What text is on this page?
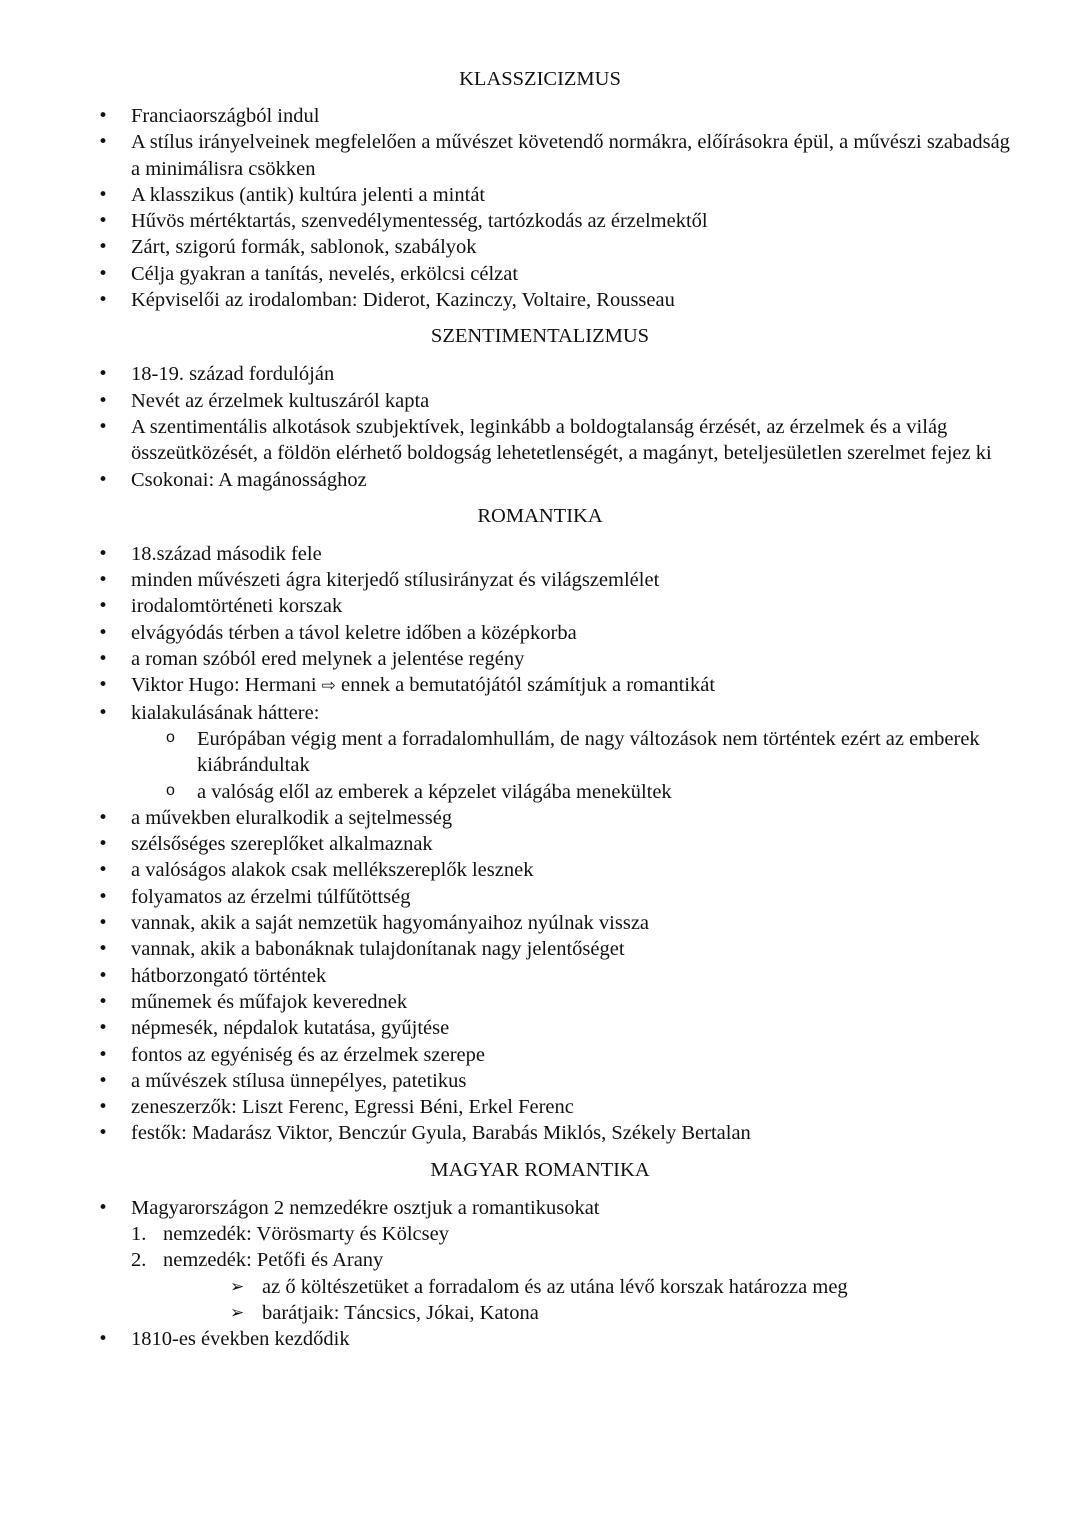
KLASSZICIZMUS

• Franciaországból indul

• A stílus irányelveinek megfelelően a művészet követendő normákra, előírásokra épül, a művészi szabadság a minimálisra csökken

• A klasszikus (antik) kultúra jelenti a mintát

• Hűvös mértéktartás, szenvedélymentesség, tartózkodás az érzelmektől

• Zárt, szigorú formák, sablonok, szabályok

• Célja gyakran a tanítás, nevelés, erkölcsi célzat

• Képviselői az irodalomban: Diderot, Kazinczy, Voltaire, Rousseau

SZENTIMENTALIZMUS

• 18-19. század fordulóján

• Nevét az érzelmek kultuszáról kapta

• A szentimentális alkotások szubjektívek, leginkább a boldogtalanság érzését, az érzelmek és a világ összeütközését, a földön elérhető boldogság lehetetlenségét, a magányt, beteljesületlen szerelmet fejez ki

• Csokonai: A magánossághoz

ROMANTIKA

• 18.század második fele

• minden művészeti ágra kiterjedő stílusirányzat és világszemlélet

• irodalomtörténeti korszak

• elvágyódás térben a távol keletre időben a középkorba

• a roman szóból ered melynek a jelentése regény

• Viktor Hugo: Hermani ⇨ ennek a bemutatójától számítjuk a romantikát

• kialakulásának háttere:

o Európában végig ment a forradalomhullám, de nagy változások nem történtek ezért az emberek kiábrándultak

o a valóság elől az emberek a képzelet világába menekültek

• a művekben eluralkodik a sejtelmesség

• szélsőséges szereplőket alkalmaznak

• a valóságos alakok csak mellékszereplők lesznek

• folyamatos az érzelmi túlfűtöttség

• vannak, akik a saját nemzetük hagyományaihoz nyúlnak vissza

• vannak, akik a babonáknak tulajdonítanak nagy jelentőséget

• hátborzongató történtek

• műnemek és műfajok keverednek

• népmesék, népdalok kutatása, gyűjtése

• fontos az egyéniség és az érzelmek szerepe

• a művészek stílusa ünnepélyes, patetikus

• zeneszerzők: Liszt Ferenc, Egressi Béni, Erkel Ferenc

• festők: Madarász Viktor, Benczúr Gyula, Barabás Miklós, Székely Bertalan

MAGYAR ROMANTIKA

• Magyarországon 2 nemzedékre osztjuk a romantikusokat

1. nemzedék: Vörösmarty és Kölcsey

2. nemzedék: Petőfi és Arany

➢ az ő költészetüket a forradalom és az utána lévő korszak határozza meg

➢ barátjaik: Táncsics, Jókai, Katona

• 1810-es években kezdődik
